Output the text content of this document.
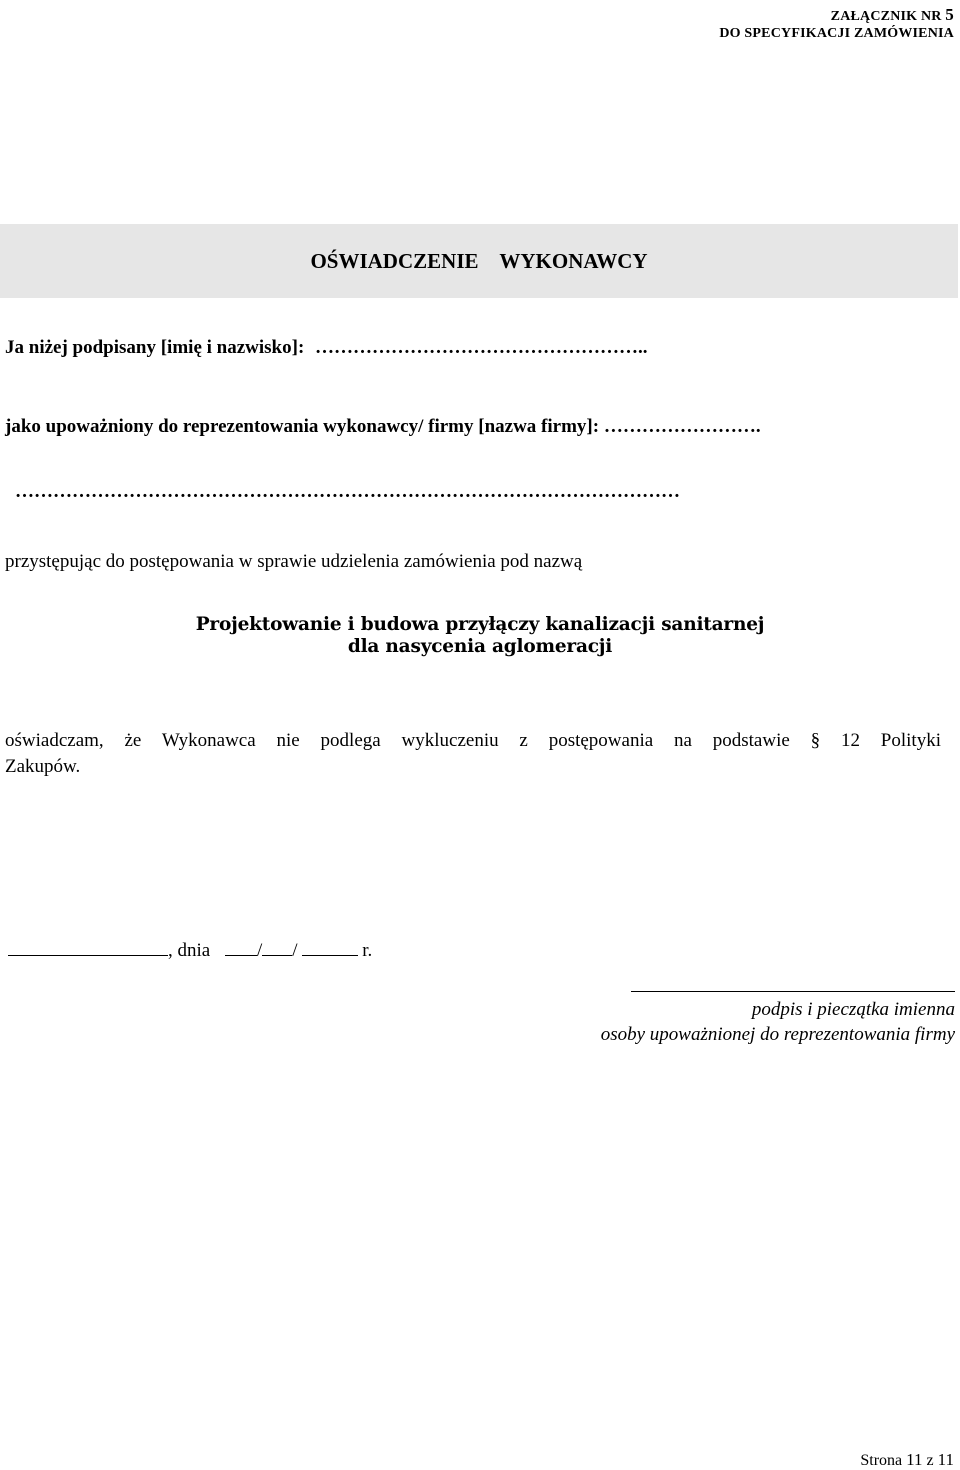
ZAŁĄCZNIK NR 5
DO SPECYFIKACJI ZAMÓWIENIA
OŚWIADCZENIE WYKONAWCY
Ja niżej podpisany [imię i nazwisko]: ……………………………………………..
jako upoważniony do reprezentowania wykonawcy/ firmy [nazwa firmy]: …………………….
……………………………………………………………………………………………
przystępując do postępowania w sprawie udzielenia zamówienia pod nazwą
Projektowanie i budowa przyłączy kanalizacji sanitarnej
dla nasycenia aglomeracji
oświadczam, że Wykonawca nie podlega wykluczeniu z postępowania na podstawie § 12 Polityki
Zakupów.
, dnia / /	r.
podpis i pieczątka imienna
osoby upoważnionej do reprezentowania firmy
Strona 11 z 11
